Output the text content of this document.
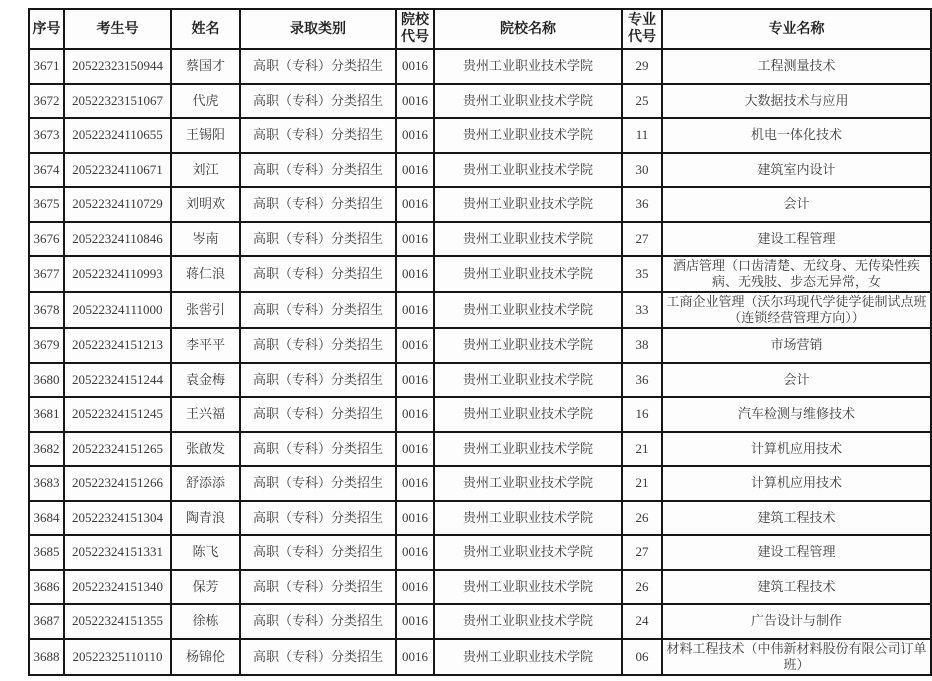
序号	考生号	姓名	录取类别	院校代号	院校名称	专业代号	专业名称

3671	20522323150944	蔡国才	高职（专科）分类招生	0016	贵州工业职业技术学院	29	工程测量技术

3672	20522323151067	代虎	高职（专科）分类招生	0016	贵州工业职业技术学院	25	大数据技术与应用

3673	20522324110655	王锡阳	高职（专科）分类招生	0016	贵州工业职业技术学院	11	机电一体化技术

3674	20522324110671	刘江	高职（专科）分类招生	0016	贵州工业职业技术学院	30	建筑室内设计

3675	20522324110729	刘明欢	高职（专科）分类招生	0016	贵州工业职业技术学院	36	会计

3676	20522324110846	岑南	高职（专科）分类招生	0016	贵州工业职业技术学院	27	建设工程管理

3677	20522324110993	蒋仁浪	高职（专科）分类招生	0016	贵州工业职业技术学院	35	酒店管理（口齿清楚、无纹身、无传染性疾病、无残肢、步态无异常，女

3678	20522324111000	张喾引	高职（专科）分类招生	0016	贵州工业职业技术学院	33	工商企业管理（沃尔玛现代学徒学徒制试点班（连锁经营管理方向））

3679	20522324151213	李平平	高职（专科）分类招生	0016	贵州工业职业技术学院	38	市场营销

3680	20522324151244	袁金梅	高职（专科）分类招生	0016	贵州工业职业技术学院	36	会计

3681	20522324151245	王兴福	高职（专科）分类招生	0016	贵州工业职业技术学院	16	汽车检测与维修技术

3682	20522324151265	张啟发	高职（专科）分类招生	0016	贵州工业职业技术学院	21	计算机应用技术

3683	20522324151266	舒添添	高职（专科）分类招生	0016	贵州工业职业技术学院	21	计算机应用技术

3684	20522324151304	陶青浪	高职（专科）分类招生	0016	贵州工业职业技术学院	26	建筑工程技术

3685	20522324151331	陈飞	高职（专科）分类招生	0016	贵州工业职业技术学院	27	建设工程管理

3686	20522324151340	保芳	高职（专科）分类招生	0016	贵州工业职业技术学院	26	建筑工程技术

3687	20522324151355	徐栋	高职（专科）分类招生	0016	贵州工业职业技术学院	24	广告设计与制作

3688	20522325110110	杨锦伦	高职（专科）分类招生	0016	贵州工业职业技术学院	06	材料工程技术（中伟新材料股份有限公司订单班）
